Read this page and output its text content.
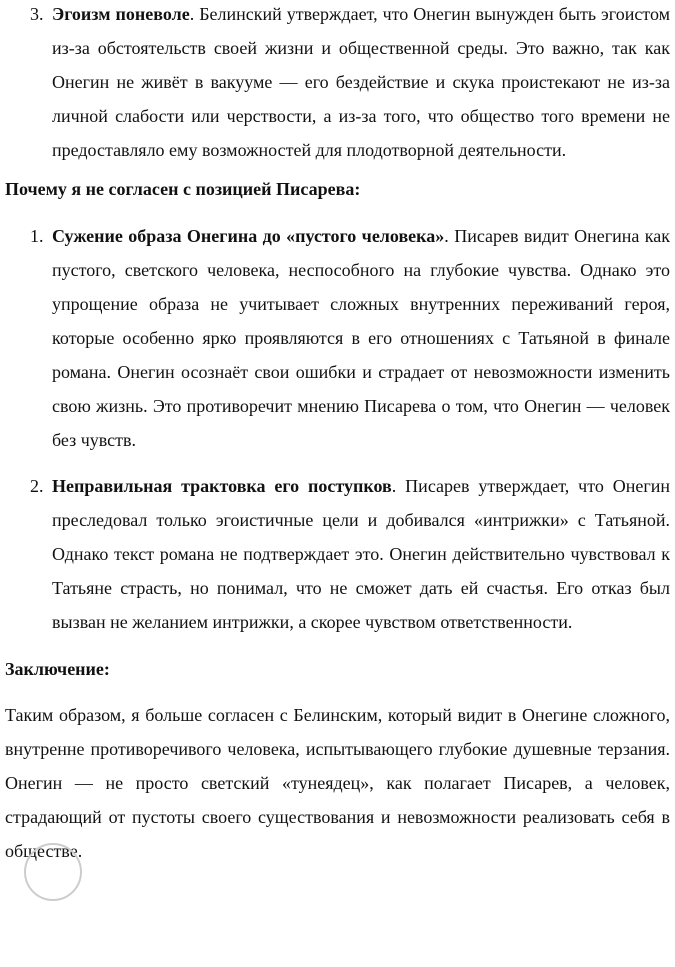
3. Эгоизм поневоле. Белинский утверждает, что Онегин вынужден быть эгоистом из-за обстоятельств своей жизни и общественной среды. Это важно, так как Онегин не живёт в вакууме — его бездействие и скука проистекают не из-за личной слабости или черствости, а из-за того, что общество того времени не предоставляло ему возможностей для плодотворной деятельности.
Почему я не согласен с позицией Писарева:
1. Сужение образа Онегина до «пустого человека». Писарев видит Онегина как пустого, светского человека, неспособного на глубокие чувства. Однако это упрощение образа не учитывает сложных внутренних переживаний героя, которые особенно ярко проявляются в его отношениях с Татьяной в финале романа. Онегин осознаёт свои ошибки и страдает от невозможности изменить свою жизнь. Это противоречит мнению Писарева о том, что Онегин — человек без чувств.
2. Неправильная трактовка его поступков. Писарев утверждает, что Онегин преследовал только эгоистичные цели и добивался «интрижки» с Татьяной. Однако текст романа не подтверждает это. Онегин действительно чувствовал к Татьяне страсть, но понимал, что не сможет дать ей счастья. Его отказ был вызван не желанием интрижки, а скорее чувством ответственности.
Заключение:
Таким образом, я больше согласен с Белинским, который видит в Онегине сложного, внутренне противоречивого человека, испытывающего глубокие душевные терзания. Онегин — не просто светский «тунеядец», как полагает Писарев, а человек, страдающий от пустоты своего существования и невозможности реализовать себя в обществе.
